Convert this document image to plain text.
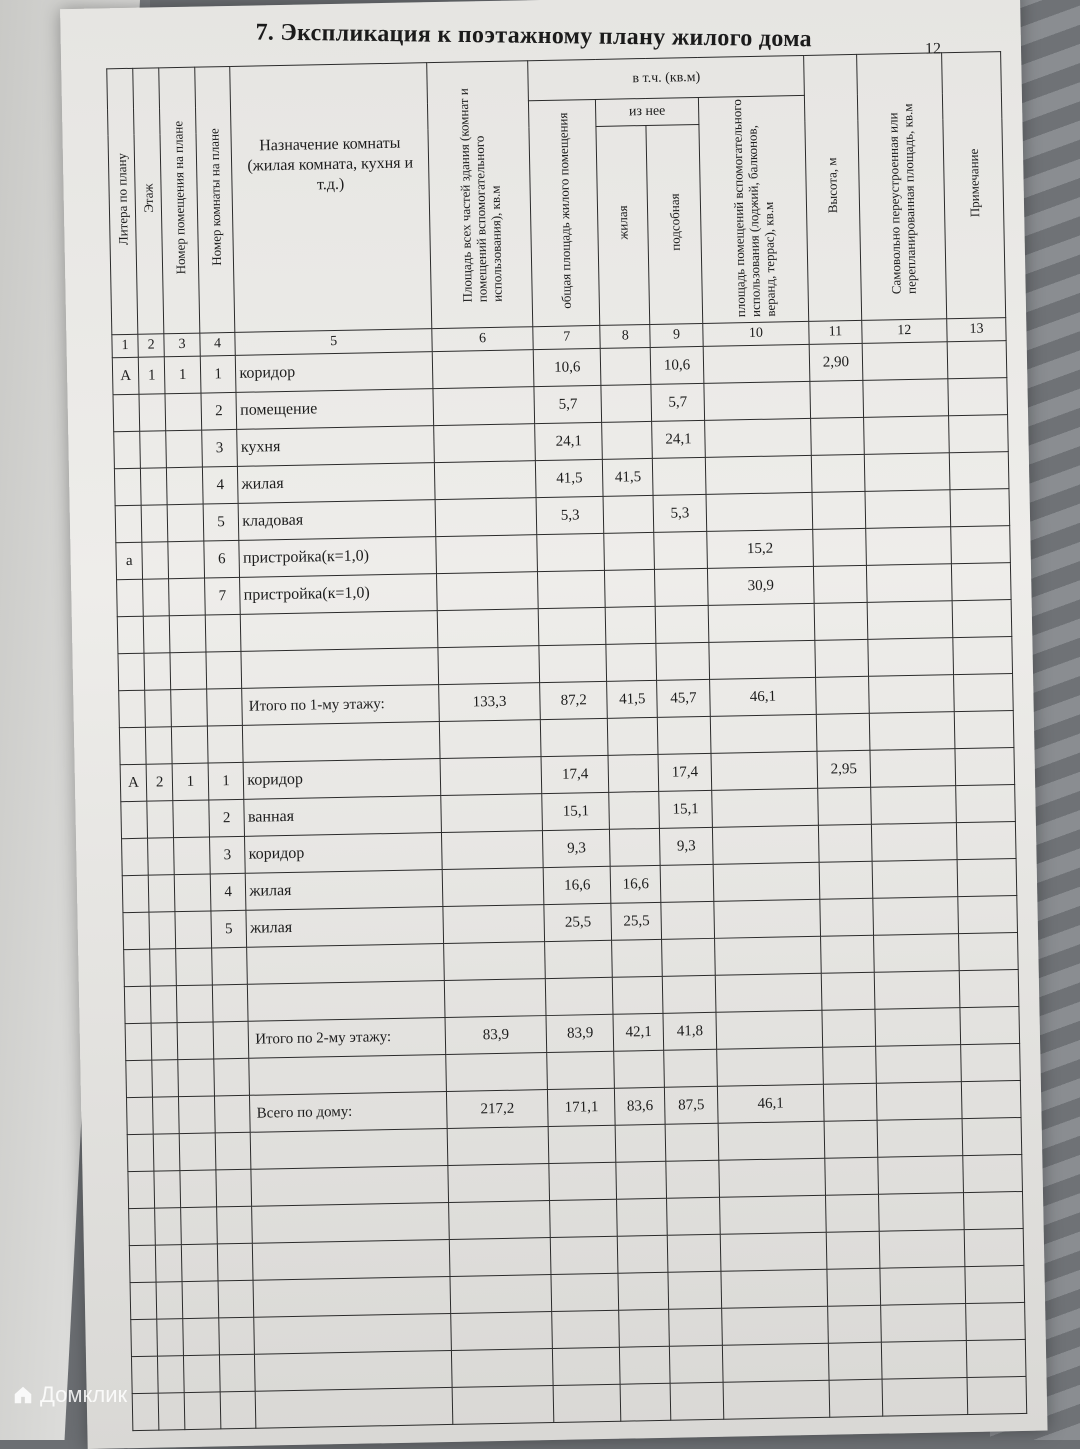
7. Экспликация к поэтажному плану жилого дома	12
Литера по плану	Этаж	Номер помещения на плане	Номер комнаты на плане	Назначение комнаты (жилая комната, кухня и т.д.)	Площадь всех частей здания (комнат и помещений вспомогательного использования), кв.м	в т.ч. (кв.м)				Высота, м	Самовольно переустроенная или перепланированная площадь, кв.м	Примечание
						общая площадь жилого помещения	из нее		площадь помещений вспомогательного использования (лоджий, балконов, веранд, террас), кв.м			
							жилая	подсобная				
1	2	3	4	5	6	7	8	9	10	11	12	13
А	1	1	1	коридор		10,6		10,6		2,90		
			2	помещение		5,7		5,7				
			3	кухня		24,1		24,1				
			4	жилая		41,5	41,5					
			5	кладовая		5,3		5,3				
а			6	пристройка(к=1,0)					15,2			
			7	пристройка(к=1,0)					30,9			

				Итого по 1-му этажу:	133,3	87,2	41,5	45,7	46,1			

А	2	1	1	коридор		17,4		17,4		2,95		
			2	ванная		15,1		15,1				
			3	коридор		9,3		9,3				
			4	жилая		16,6	16,6					
			5	жилая		25,5	25,5					

				Итого по 2-му этажу:	83,9	83,9	42,1	41,8				

				Всего по дому:	217,2	171,1	83,6	87,5	46,1			

Домклик
